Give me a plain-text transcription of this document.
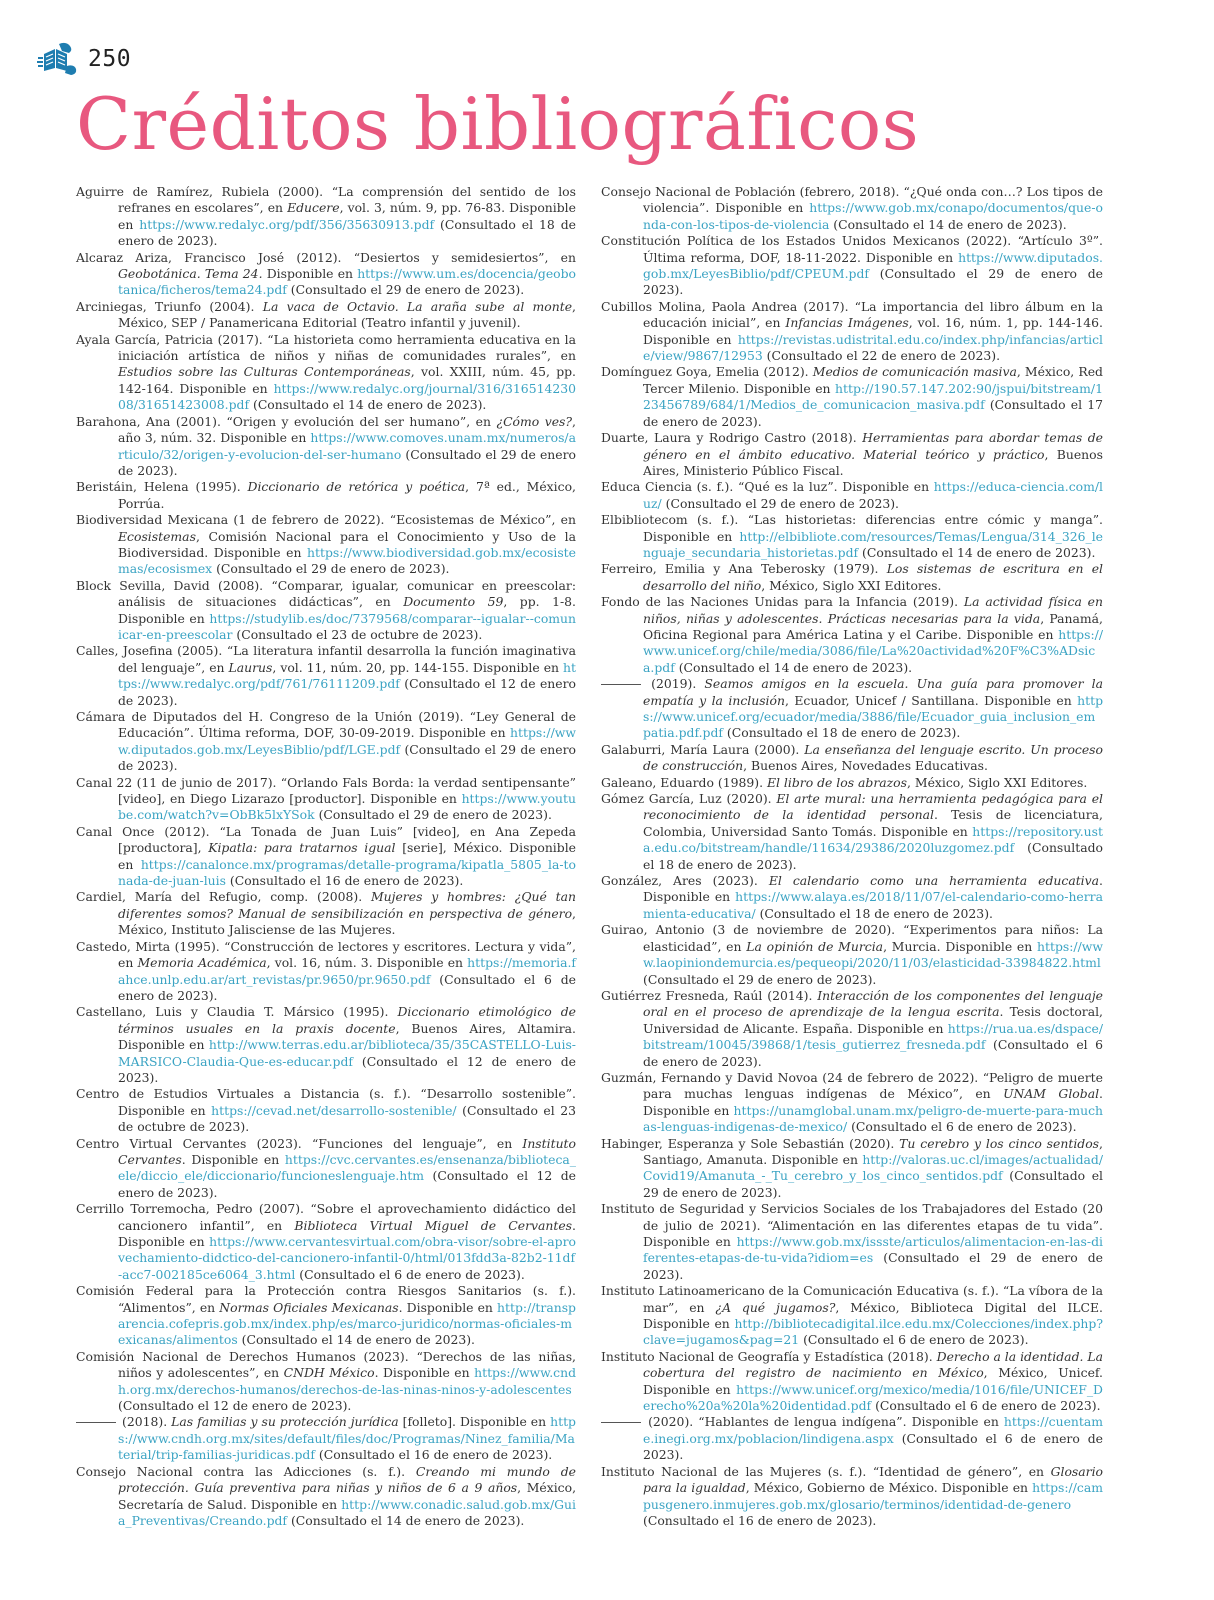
250
Créditos bibliográficos

Aguirre de Ramírez, Rubiela (2000). “La comprensión del sentido de los refranes en escolares”, en Educere, vol. 3, núm. 9, pp. 76-83. Disponible en https://www.redalyc.org/pdf/356/35630913.pdf (Consultado el 18 de enero de 2023).

Alcaraz Ariza, Francisco José (2012). “Desiertos y semidesiertos”, en Geobotánica. Tema 24. Disponible en https://www.um.es/docencia/geobotanica/ficheros/tema24.pdf (Consultado el 29 de enero de 2023).

Arciniegas, Triunfo (2004). La vaca de Octavio. La araña sube al monte, México, SEP / Panamericana Editorial (Teatro infantil y juvenil).

Ayala García, Patricia (2017). “La historieta como herramienta educativa en la iniciación artística de niños y niñas de comunidades rurales”, en Estudios sobre las Culturas Contemporáneas, vol. XXIII, núm. 45, pp. 142-164. Disponible en https://www.redalyc.org/journal/316/31651423008/31651423008.pdf (Consultado el 14 de enero de 2023).

Barahona, Ana (2001). “Origen y evolución del ser humano”, en ¿Cómo ves?, año 3, núm. 32. Disponible en https://www.comoves.unam.mx/numeros/articulo/32/origen-y-evolucion-del-ser-humano (Consultado el 29 de enero de 2023).

Beristáin, Helena (1995). Diccionario de retórica y poética, 7ª ed., México, Porrúa.

Biodiversidad Mexicana (1 de febrero de 2022). “Ecosistemas de México”, en Ecosistemas, Comisión Nacional para el Conocimiento y Uso de la Biodiversidad. Disponible en https://www.biodiversidad.gob.mx/ecosistemas/ecosismex (Consultado el 29 de enero de 2023).

Block Sevilla, David (2008). “Comparar, igualar, comunicar en preescolar: análisis de situaciones didácticas”, en Documento 59, pp. 1-8. Disponible en https://studylib.es/doc/7379568/comparar--igualar--comunicar-en-preescolar (Consultado el 23 de octubre de 2023).

Calles, Josefina (2005). “La literatura infantil desarrolla la función imaginativa del lenguaje”, en Laurus, vol. 11, núm. 20, pp. 144-155. Disponible en https://www.redalyc.org/pdf/761/76111209.pdf (Consultado el 12 de enero de 2023).

Cámara de Diputados del H. Congreso de la Unión (2019). “Ley General de Educación”. Última reforma, DOF, 30-09-2019. Disponible en https://www.diputados.gob.mx/LeyesBiblio/pdf/LGE.pdf (Consultado el 29 de enero de 2023).

Canal 22 (11 de junio de 2017). “Orlando Fals Borda: la verdad sentipensante” [video], en Diego Lizarazo [productor]. Disponible en https://www.youtube.com/watch?v=ObBk5lxYSok (Consultado el 29 de enero de 2023).

Canal Once (2012). “La Tonada de Juan Luis” [video], en Ana Zepeda [productora], Kipatla: para tratarnos igual [serie], México. Disponible en https://canalonce.mx/programas/detalle-programa/kipatla_5805_la-tonada-de-juan-luis (Consultado el 16 de enero de 2023).

Cardiel, María del Refugio, comp. (2008). Mujeres y hombres: ¿Qué tan diferentes somos? Manual de sensibilización en perspectiva de género, México, Instituto Jalisciense de las Mujeres.

Castedo, Mirta (1995). “Construcción de lectores y escritores. Lectura y vida”, en Memoria Académica, vol. 16, núm. 3. Disponible en https://memoria.fahce.unlp.edu.ar/art_revistas/pr.9650/pr.9650.pdf (Consultado el 6 de enero de 2023).

Castellano, Luis y Claudia T. Mársico (1995). Diccionario etimológico de términos usuales en la praxis docente, Buenos Aires, Altamira. Disponible en http://www.terras.edu.ar/biblioteca/35/35CASTELLO-Luis-MARSICO-Claudia-Que-es-educar.pdf (Consultado el 12 de enero de 2023).

Centro de Estudios Virtuales a Distancia (s. f.). “Desarrollo sostenible”. Disponible en https://cevad.net/desarrollo-sostenible/ (Consultado el 23 de octubre de 2023).

Centro Virtual Cervantes (2023). “Funciones del lenguaje”, en Instituto Cervantes. Disponible en https://cvc.cervantes.es/ensenanza/biblioteca_ele/diccio_ele/diccionario/funcioneslenguaje.htm (Consultado el 12 de enero de 2023).

Cerrillo Torremocha, Pedro (2007). “Sobre el aprovechamiento didáctico del cancionero infantil”, en Biblioteca Virtual Miguel de Cervantes. Disponible en https://www.cervantesvirtual.com/obra-visor/sobre-el-aprovechamiento-didctico-del-cancionero-infantil-0/html/013fdd3a-82b2-11df-acc7-002185ce6064_3.html (Consultado el 6 de enero de 2023).

Comisión Federal para la Protección contra Riesgos Sanitarios (s. f.). “Alimentos”, en Normas Oficiales Mexicanas. Disponible en http://transparencia.cofepris.gob.mx/index.php/es/marco-juridico/normas-oficiales-mexicanas/alimentos (Consultado el 14 de enero de 2023).

Comisión Nacional de Derechos Humanos (2023). “Derechos de las niñas, niños y adolescentes”, en CNDH México. Disponible en https://www.cndh.org.mx/derechos-humanos/derechos-de-las-ninas-ninos-y-adolescentes (Consultado el 12 de enero de 2023).

(2018). Las familias y su protección jurídica [folleto]. Disponible en https://www.cndh.org.mx/sites/default/files/doc/Programas/Ninez_familia/Material/trip-familias-juridicas.pdf (Consultado el 16 de enero de 2023).

Consejo Nacional contra las Adicciones (s. f.). Creando mi mundo de protección. Guía preventiva para niñas y niños de 6 a 9 años, México, Secretaría de Salud. Disponible en http://www.conadic.salud.gob.mx/Guia_Preventivas/Creando.pdf (Consultado el 14 de enero de 2023).

Consejo Nacional de Población (febrero, 2018). “¿Qué onda con…? Los tipos de violencia”. Disponible en https://www.gob.mx/conapo/documentos/que-onda-con-los-tipos-de-violencia (Consultado el 14 de enero de 2023).

Constitución Política de los Estados Unidos Mexicanos (2022). “Artículo 3º”. Última reforma, DOF, 18-11-2022. Disponible en https://www.diputados.gob.mx/LeyesBiblio/pdf/CPEUM.pdf (Consultado el 29 de enero de 2023).

Cubillos Molina, Paola Andrea (2017). “La importancia del libro álbum en la educación inicial”, en Infancias Imágenes, vol. 16, núm. 1, pp. 144-146. Disponible en https://revistas.udistrital.edu.co/index.php/infancias/article/view/9867/12953 (Consultado el 22 de enero de 2023).

Domínguez Goya, Emelia (2012). Medios de comunicación masiva, México, Red Tercer Milenio. Disponible en http://190.57.147.202:90/jspui/bitstream/123456789/684/1/Medios_de_comunicacion_masiva.pdf (Consultado el 17 de enero de 2023).

Duarte, Laura y Rodrigo Castro (2018). Herramientas para abordar temas de género en el ámbito educativo. Material teórico y práctico, Buenos Aires, Ministerio Público Fiscal.

Educa Ciencia (s. f.). “Qué es la luz”. Disponible en https://educa-ciencia.com/luz/ (Consultado el 29 de enero de 2023).

Elbibliotecom (s. f.). “Las historietas: diferencias entre cómic y manga”. Disponible en http://elbibliote.com/resources/Temas/Lengua/314_326_lenguaje_secundaria_historietas.pdf (Consultado el 14 de enero de 2023).

Ferreiro, Emilia y Ana Teberosky (1979). Los sistemas de escritura en el desarrollo del niño, México, Siglo XXI Editores.

Fondo de las Naciones Unidas para la Infancia (2019). La actividad física en niños, niñas y adolescentes. Prácticas necesarias para la vida, Panamá, Oficina Regional para América Latina y el Caribe. Disponible en https://www.unicef.org/chile/media/3086/file/La%20actividad%20F%C3%ADsica.pdf (Consultado el 14 de enero de 2023).

(2019). Seamos amigos en la escuela. Una guía para promover la empatía y la inclusión, Ecuador, Unicef / Santillana. Disponible en https://www.unicef.org/ecuador/media/3886/file/Ecuador_guia_inclusion_empatia.pdf.pdf (Consultado el 18 de enero de 2023).

Galaburri, María Laura (2000). La enseñanza del lenguaje escrito. Un proceso de construcción, Buenos Aires, Novedades Educativas.

Galeano, Eduardo (1989). El libro de los abrazos, México, Siglo XXI Editores.

Gómez García, Luz (2020). El arte mural: una herramienta pedagógica para el reconocimiento de la identidad personal. Tesis de licenciatura, Colombia, Universidad Santo Tomás. Disponible en https://repository.usta.edu.co/bitstream/handle/11634/29386/2020luzgomez.pdf (Consultado el 18 de enero de 2023).

González, Ares (2023). El calendario como una herramienta educativa. Disponible en https://www.alaya.es/2018/11/07/el-calendario-como-herramienta-educativa/ (Consultado el 18 de enero de 2023).

Guirao, Antonio (3 de noviembre de 2020). “Experimentos para niños: La elasticidad”, en La opinión de Murcia, Murcia. Disponible en https://www.laopiniondemurcia.es/pequeopi/2020/11/03/elasticidad-33984822.html (Consultado el 29 de enero de 2023).

Gutiérrez Fresneda, Raúl (2014). Interacción de los componentes del lenguaje oral en el proceso de aprendizaje de la lengua escrita. Tesis doctoral, Universidad de Alicante. España. Disponible en https://rua.ua.es/dspace/bitstream/10045/39868/1/tesis_gutierrez_fresneda.pdf (Consultado el 6 de enero de 2023).

Guzmán, Fernando y David Novoa (24 de febrero de 2022). “Peligro de muerte para muchas lenguas indígenas de México”, en UNAM Global. Disponible en https://unamglobal.unam.mx/peligro-de-muerte-para-muchas-lenguas-indigenas-de-mexico/ (Consultado el 6 de enero de 2023).

Habinger, Esperanza y Sole Sebastián (2020). Tu cerebro y los cinco sentidos, Santiago, Amanuta. Disponible en http://valoras.uc.cl/images/actualidad/Covid19/Amanuta_-_Tu_cerebro_y_los_cinco_sentidos.pdf (Consultado el 29 de enero de 2023).

Instituto de Seguridad y Servicios Sociales de los Trabajadores del Estado (20 de julio de 2021). “Alimentación en las diferentes etapas de tu vida”. Disponible en https://www.gob.mx/issste/articulos/alimentacion-en-las-diferentes-etapas-de-tu-vida?idiom=es (Consultado el 29 de enero de 2023).

Instituto Latinoamericano de la Comunicación Educativa (s. f.). “La víbora de la mar”, en ¿A qué jugamos?, México, Biblioteca Digital del ILCE. Disponible en http://bibliotecadigital.ilce.edu.mx/Colecciones/index.php?clave=jugamos&pag=21 (Consultado el 6 de enero de 2023).

Instituto Nacional de Geografía y Estadística (2018). Derecho a la identidad. La cobertura del registro de nacimiento en México, México, Unicef. Disponible en https://www.unicef.org/mexico/media/1016/file/UNICEF_Derecho%20a%20la%20identidad.pdf (Consultado el 6 de enero de 2023).

(2020). “Hablantes de lengua indígena”. Disponible en https://cuentame.inegi.org.mx/poblacion/lindigena.aspx (Consultado el 6 de enero de 2023).

Instituto Nacional de las Mujeres (s. f.). “Identidad de género”, en Glosario para la igualdad, México, Gobierno de México. Disponible en https://campusgenero.inmujeres.gob.mx/glosario/terminos/identidad-de-genero (Consultado el 16 de enero de 2023).
